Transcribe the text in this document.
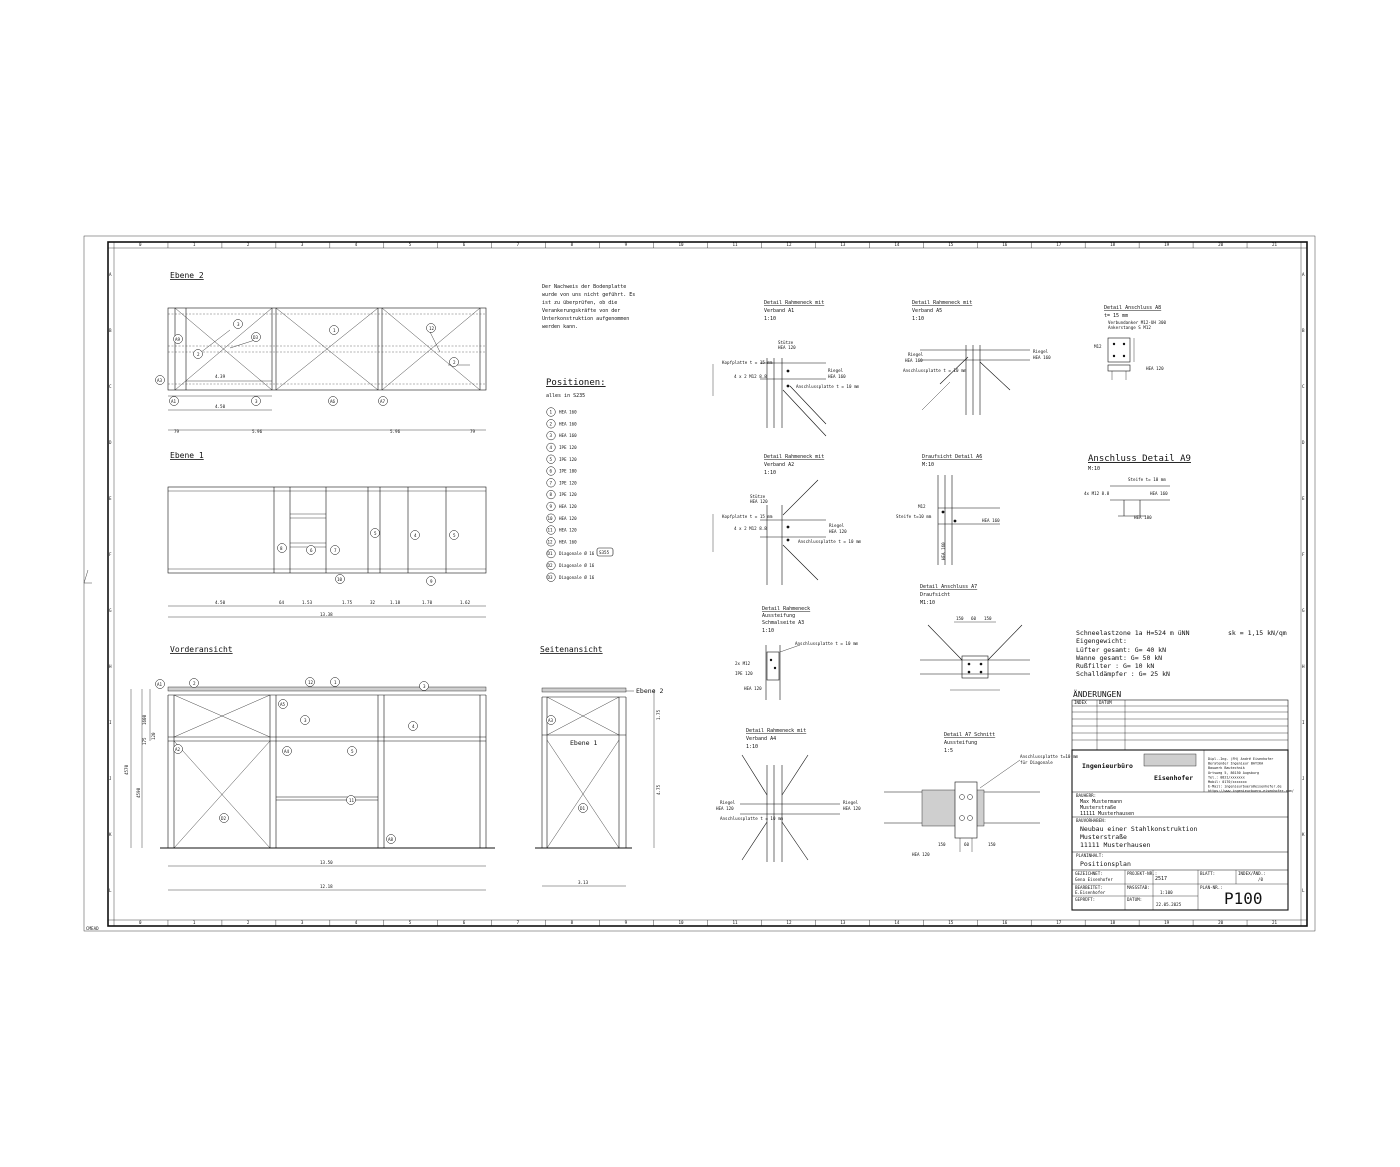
0
0
1
1
2
2
3
3
4
4
5
5
6
6
7
7
8
8
9
9
10
10
11
11
12
12
13
13
14
14
15
15
16
16
17
17
18
18
19
19
20
20
21
21
A	A
B	B
C	C
D	D
E	E
F	F
G	G
H	H
I	I
J	J
K	K
L	L
CMEAD
Ebene 2
4.39
4.50
79	5.96	5.96	79
A9
3
D3
1	12
2
2
A3
A1	3	A6	A7
Ebene 1
8	6	7
5	4	5
10	9
4.50	64	1.53	1.75	32	1.18	1.70	1.62
13.38
Vorderansicht
A1	2	12	1
3
A5
3
4
A2	A4	5
11
D2
A8
1600
175
120
4570
4590
13.50
12.18
Seitenansicht
Ebene 2
Ebene 1
A3
D1
1.75
4.75
3.13
Der Nachweis der Bodenplatte
wurde von uns nicht geführt. Es
ist zu überprüfen, ob die
Verankerungskräfte von der
Unterkonstruktion aufgenommen
werden kann.
Positionen:
alles in S235
1 HEA 160
2 HEA 160
3 HEA 160
4 IPE 120
5 IPE 120
6 IPE 100
7 IPE 120
8 IPE 120
9 HEA 120
10 HEA 120
11 HEA 120
12 HEA 160
D1 Diagonale Ø 16
D2 Diagonale Ø 16
D3 Diagonale Ø 16
S355
Detail Rahmeneck mit
Verband A1
1:10
Stütze
HEA 120
Kopfplatte t = 15 mm
4 x 2 M12 8.8
Riegel
HEA 160
Anschlussplatte t = 10 mm
Detail Rahmeneck mit
Verband A5
1:10
Riegel
HEA 160
Anschlussplatte t = 10 mm
Riegel
HEA 160
Detail Anschluss A8
t= 15 mm
Verbundanker M12-UH 300
Ankerstange S M12
M12
HEA 120
Detail Rahmeneck mit
Verband A2
1:10
Stütze
HEA 120
Kopfplatte t = 15 mm
4 x 2 M12 8.8
Riegel
HEA 120
Anschlussplatte t = 10 mm
Draufsicht Detail A6
M:10
M12
Steife t=10 mm
HEA 160
HEA 160
Anschluss Detail A9
M:10
Steife t= 10 mm
4x M12 8.8	HEA 160
HEA 180
Detail Rahmeneck
Aussteifung
Schmalseite A3
1:10
Anschlussplatte t = 10 mm
2x M12
IPE 120
HEA 120
Detail Anschluss A7
Draufsicht
M1:10
150 60 150
Detail Rahmeneck mit
Verband A4
1:10
Riegel
HEA 120
Anschlussplatte t = 10 mm
Riegel
HEA 120
Detail A7 Schnitt
Aussteifung
1:5
Anschlussplatte t=10 mm
für Diagonale
150	60	150
HEA 120
Schneelastzone 1a H=524 m üNN	sk = 1,15 kN/qm
Eigengewicht:
Lüfter gesamt: G= 40 kN
Wanne gesamt: G= 50 kN
Rußfilter : G= 10 kN
Schalldämpfer : G= 25 kN
ÄNDERUNGEN
INDEX	DATUM
Ingenieurbüro
Eisenhofer
Dipl.-Ing. (FH) André Eisenhofer
Beratender Ingenieur BAYIKA
Bauwerk Bautechnik
Ortsweg 5, 86150 Augsburg
Tel.: 0821/xxxxxxx
Mobil: 0170/xxxxxxx
E-Mail: ingenieurbuero@eisenhofer.de
https://www.ingenieurbuero-eisenhofer.com/
BAUHERR:
Max Mustermann
Musterstraße
11111 Musterhausen
BAUVORHABEN:
Neubau einer Stahlkonstruktion
Musterstraße
11111 Musterhausen
PLANINHALT:
Positionsplan
GEZEICHNET:
Gena Eisenhofer
PROJEKT-NR.:
2517
BLATT:	INDEX/ÄND.:
/0
BEARBEITET:
E.Eisenhofer
MASSSTAB:
1:100
PLAN-NR.:
P100
GEPRÜFT:	DATUM:
22.05.2025
